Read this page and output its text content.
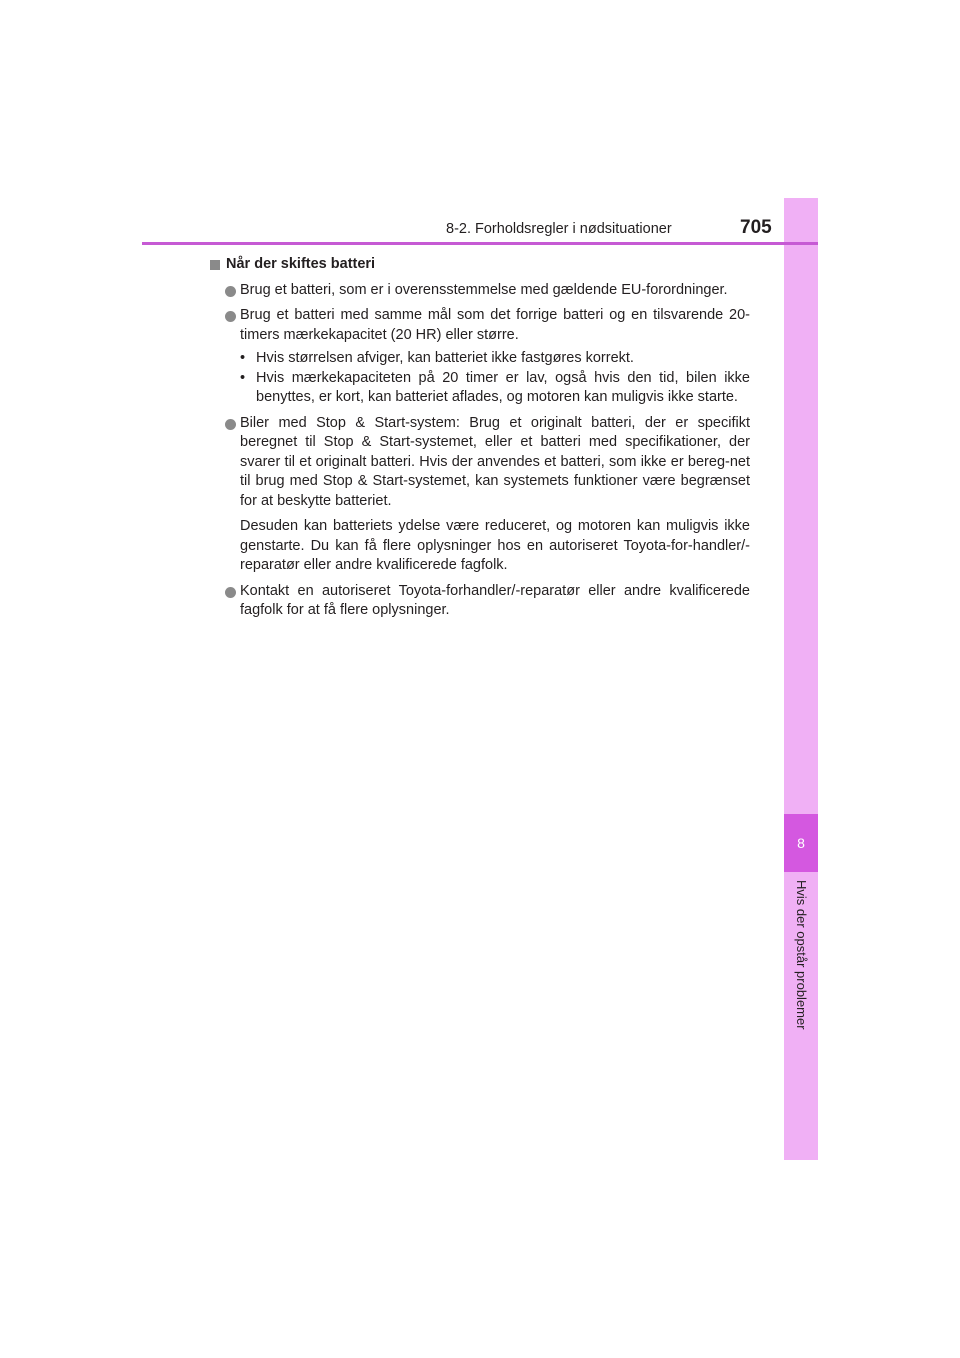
8
Hvis der opstår problemer
8-2. Forholdsregler i nødsituationer	705
Når der skiftes batteri
Brug et batteri, som er i overensstemmelse med gældende EU-forordninger.
Brug et batteri med samme mål som det forrige batteri og en tilsvarende 20-timers mærkekapacitet (20 HR) eller større.
• Hvis størrelsen afviger, kan batteriet ikke fastgøres korrekt.
• Hvis mærkekapaciteten på 20 timer er lav, også hvis den tid, bilen ikke benyttes, er kort, kan batteriet aflades, og motoren kan muligvis ikke starte.
Biler med Stop & Start-system: Brug et originalt batteri, der er specifikt beregnet til Stop & Start-systemet, eller et batteri med specifikationer, der svarer til et originalt batteri. Hvis der anvendes et batteri, som ikke er bereg-net til brug med Stop & Start-systemet, kan systemets funktioner være begrænset for at beskytte batteriet.
Desuden kan batteriets ydelse være reduceret, og motoren kan muligvis ikke genstarte. Du kan få flere oplysninger hos en autoriseret Toyota-for-handler/-reparatør eller andre kvalificerede fagfolk.
Kontakt en autoriseret Toyota-forhandler/-reparatør eller andre kvalificerede fagfolk for at få flere oplysninger.
